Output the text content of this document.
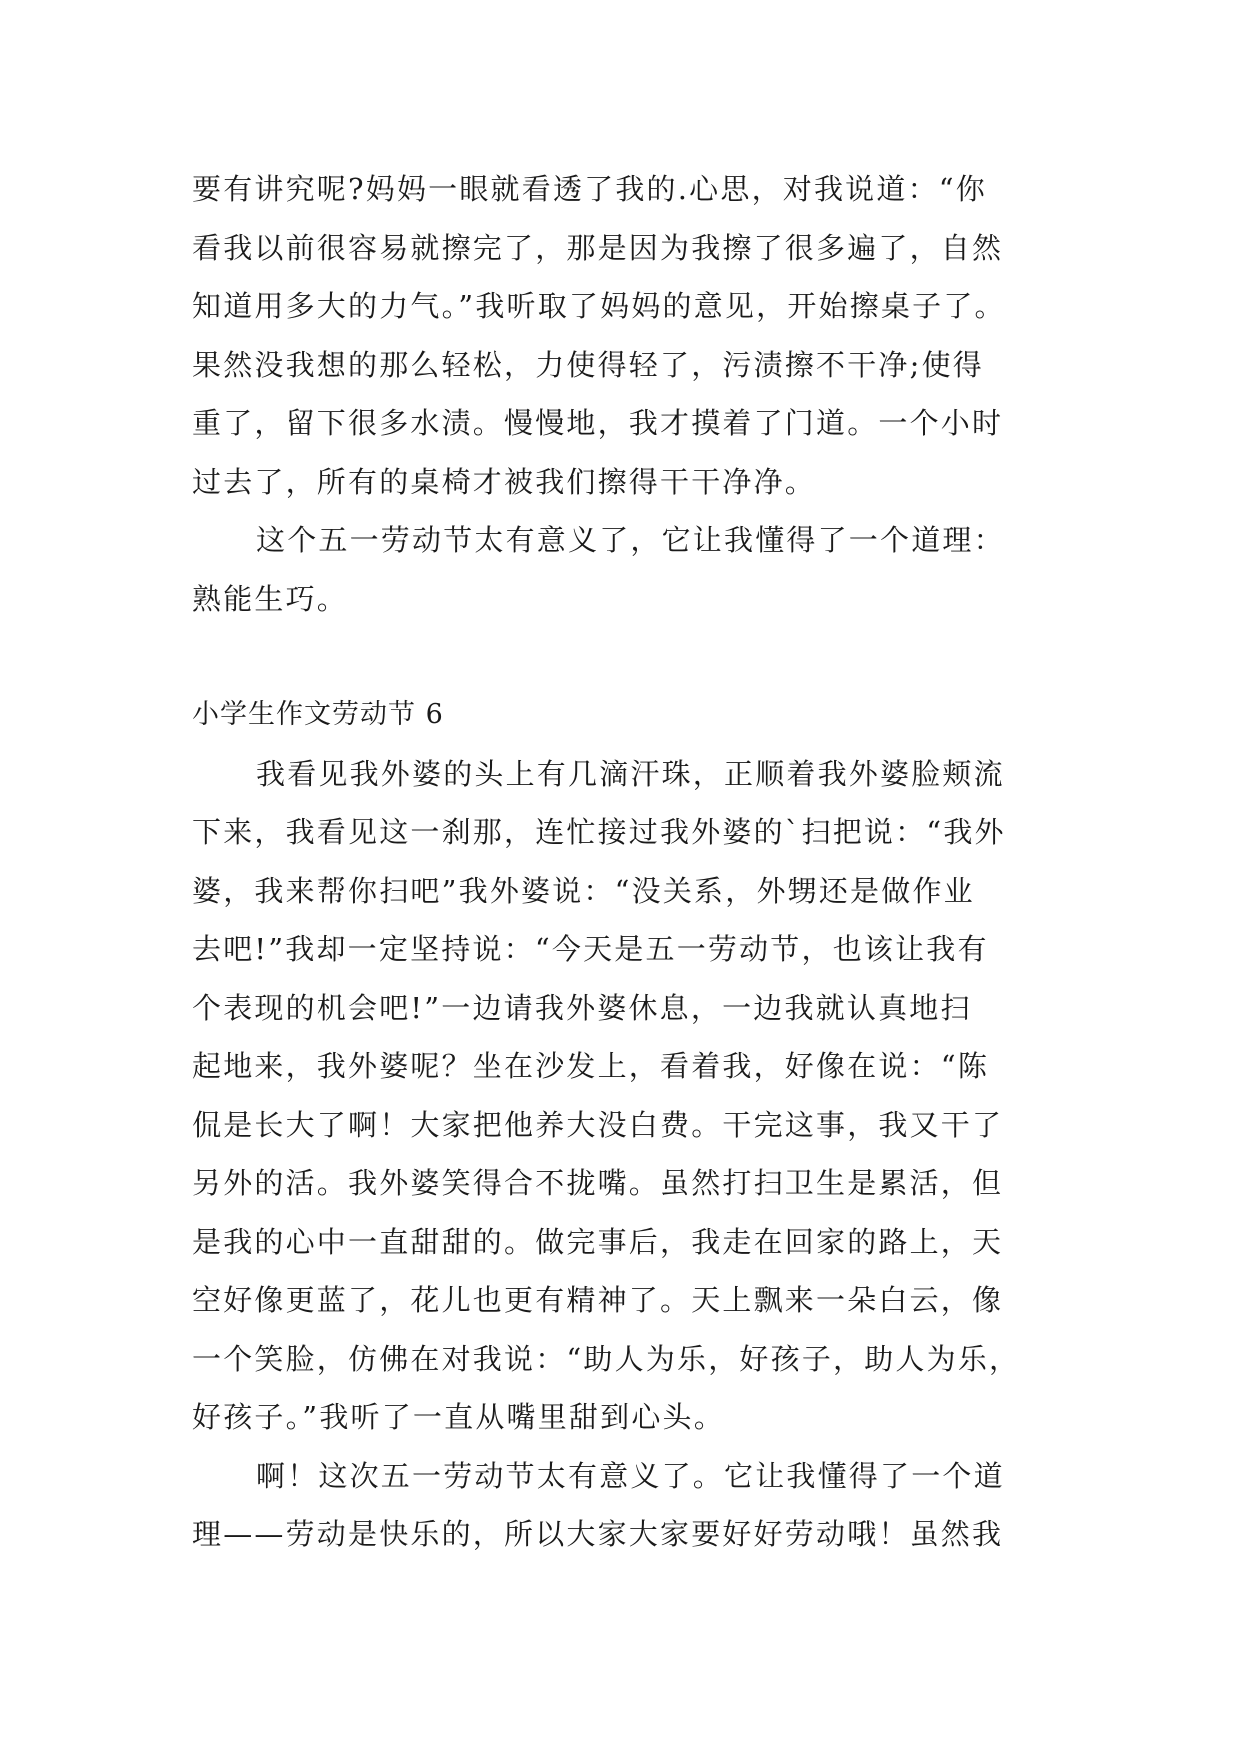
要有讲究呢?妈妈一眼就看透了我的.心思，对我说道：“你
看我以前很容易就擦完了，那是因为我擦了很多遍了，自然
知道用多大的力气。”我听取了妈妈的意见，开始擦桌子了。
果然没我想的那么轻松，力使得轻了，污渍擦不干净;使得
重了，留下很多水渍。慢慢地，我才摸着了门道。一个小时
过去了，所有的桌椅才被我们擦得干干净净。
这个五一劳动节太有意义了，它让我懂得了一个道理：
熟能生巧。
小学生作文劳动节 6
我看见我外婆的头上有几滴汗珠，正顺着我外婆脸颊流
下来，我看见这一刹那，连忙接过我外婆的`扫把说：“我外
婆，我来帮你扫吧”我外婆说：“没关系，外甥还是做作业
去吧!”我却一定坚持说：“今天是五一劳动节，也该让我有
个表现的机会吧!”一边请我外婆休息，一边我就认真地扫
起地来，我外婆呢？坐在沙发上，看着我，好像在说：“陈
侃是长大了啊！大家把他养大没白费。干完这事，我又干了
另外的活。我外婆笑得合不拢嘴。虽然打扫卫生是累活，但
是我的心中一直甜甜的。做完事后，我走在回家的路上，天
空好像更蓝了，花儿也更有精神了。天上飘来一朵白云，像
一个笑脸，仿佛在对我说：“助人为乐，好孩子，助人为乐，
好孩子。”我听了一直从嘴里甜到心头。
啊！这次五一劳动节太有意义了。它让我懂得了一个道
理——劳动是快乐的，所以大家大家要好好劳动哦！虽然我
